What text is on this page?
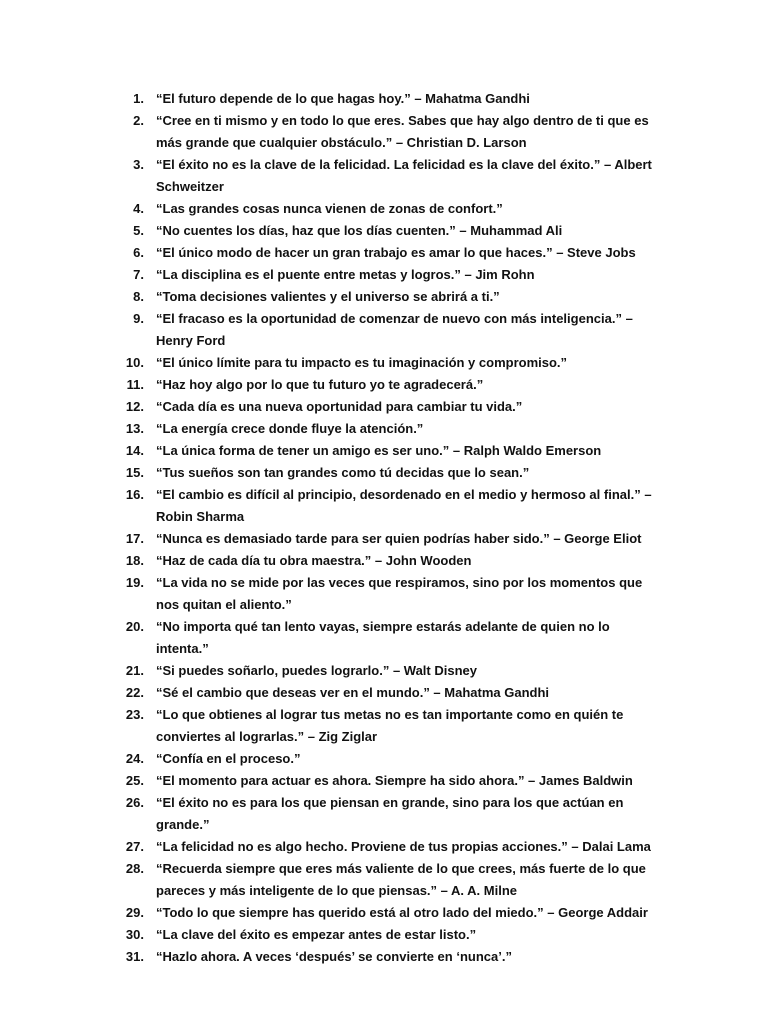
1. “El futuro depende de lo que hagas hoy.” – Mahatma Gandhi
2. “Cree en ti mismo y en todo lo que eres. Sabes que hay algo dentro de ti que es más grande que cualquier obstáculo.” – Christian D. Larson
3. “El éxito no es la clave de la felicidad. La felicidad es la clave del éxito.” – Albert Schweitzer
4. “Las grandes cosas nunca vienen de zonas de confort.”
5. “No cuentes los días, haz que los días cuenten.” – Muhammad Ali
6. “El único modo de hacer un gran trabajo es amar lo que haces.” – Steve Jobs
7. “La disciplina es el puente entre metas y logros.” – Jim Rohn
8. “Toma decisiones valientes y el universo se abrirá a ti.”
9. “El fracaso es la oportunidad de comenzar de nuevo con más inteligencia.” – Henry Ford
10. “El único límite para tu impacto es tu imaginación y compromiso.”
11. “Haz hoy algo por lo que tu futuro yo te agradecerá.”
12. “Cada día es una nueva oportunidad para cambiar tu vida.”
13. “La energía crece donde fluye la atención.”
14. “La única forma de tener un amigo es ser uno.” – Ralph Waldo Emerson
15. “Tus sueños son tan grandes como tú decidas que lo sean.”
16. “El cambio es difícil al principio, desordenado en el medio y hermoso al final.” – Robin Sharma
17. “Nunca es demasiado tarde para ser quien podrías haber sido.” – George Eliot
18. “Haz de cada día tu obra maestra.” – John Wooden
19. “La vida no se mide por las veces que respiramos, sino por los momentos que nos quitan el aliento.”
20. “No importa qué tan lento vayas, siempre estarás adelante de quien no lo intenta.”
21. “Si puedes soñarlo, puedes lograrlo.” – Walt Disney
22. “Sé el cambio que deseas ver en el mundo.” – Mahatma Gandhi
23. “Lo que obtienes al lograr tus metas no es tan importante como en quién te conviertes al lograrlas.” – Zig Ziglar
24. “Confía en el proceso.”
25. “El momento para actuar es ahora. Siempre ha sido ahora.” – James Baldwin
26. “El éxito no es para los que piensan en grande, sino para los que actúan en grande.”
27. “La felicidad no es algo hecho. Proviene de tus propias acciones.” – Dalai Lama
28. “Recuerda siempre que eres más valiente de lo que crees, más fuerte de lo que pareces y más inteligente de lo que piensas.” – A. A. Milne
29. “Todo lo que siempre has querido está al otro lado del miedo.” – George Addair
30. “La clave del éxito es empezar antes de estar listo.”
31. “Hazlo ahora. A veces ‘después’ se convierte en ‘nunca’.”
